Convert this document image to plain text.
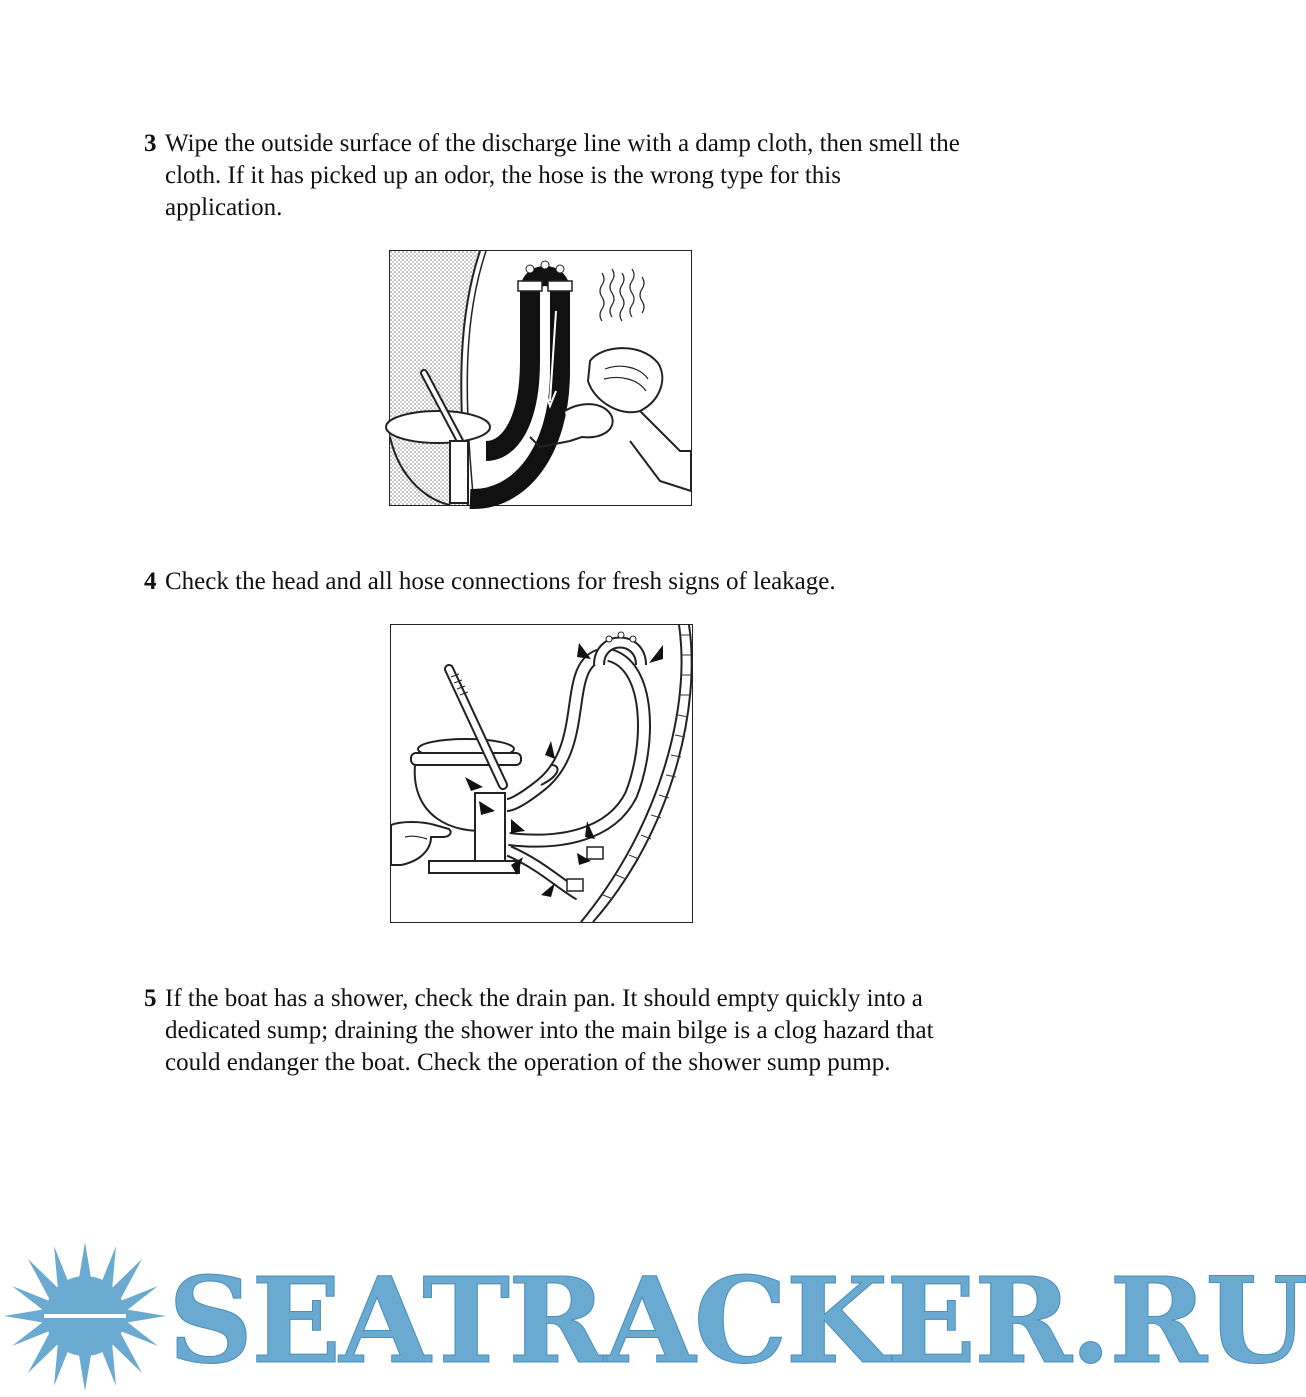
3 Wipe the outside surface of the discharge line with a damp cloth, then smell the cloth. If it has picked up an odor, the hose is the wrong type for this application.
4 Check the head and all hose connections for fresh signs of leakage.
5 If the boat has a shower, check the drain pan. It should empty quickly into a dedicated sump; draining the shower into the main bilge is a clog hazard that could endanger the boat. Check the operation of the shower sump pump.
SEATRACKER.RU
